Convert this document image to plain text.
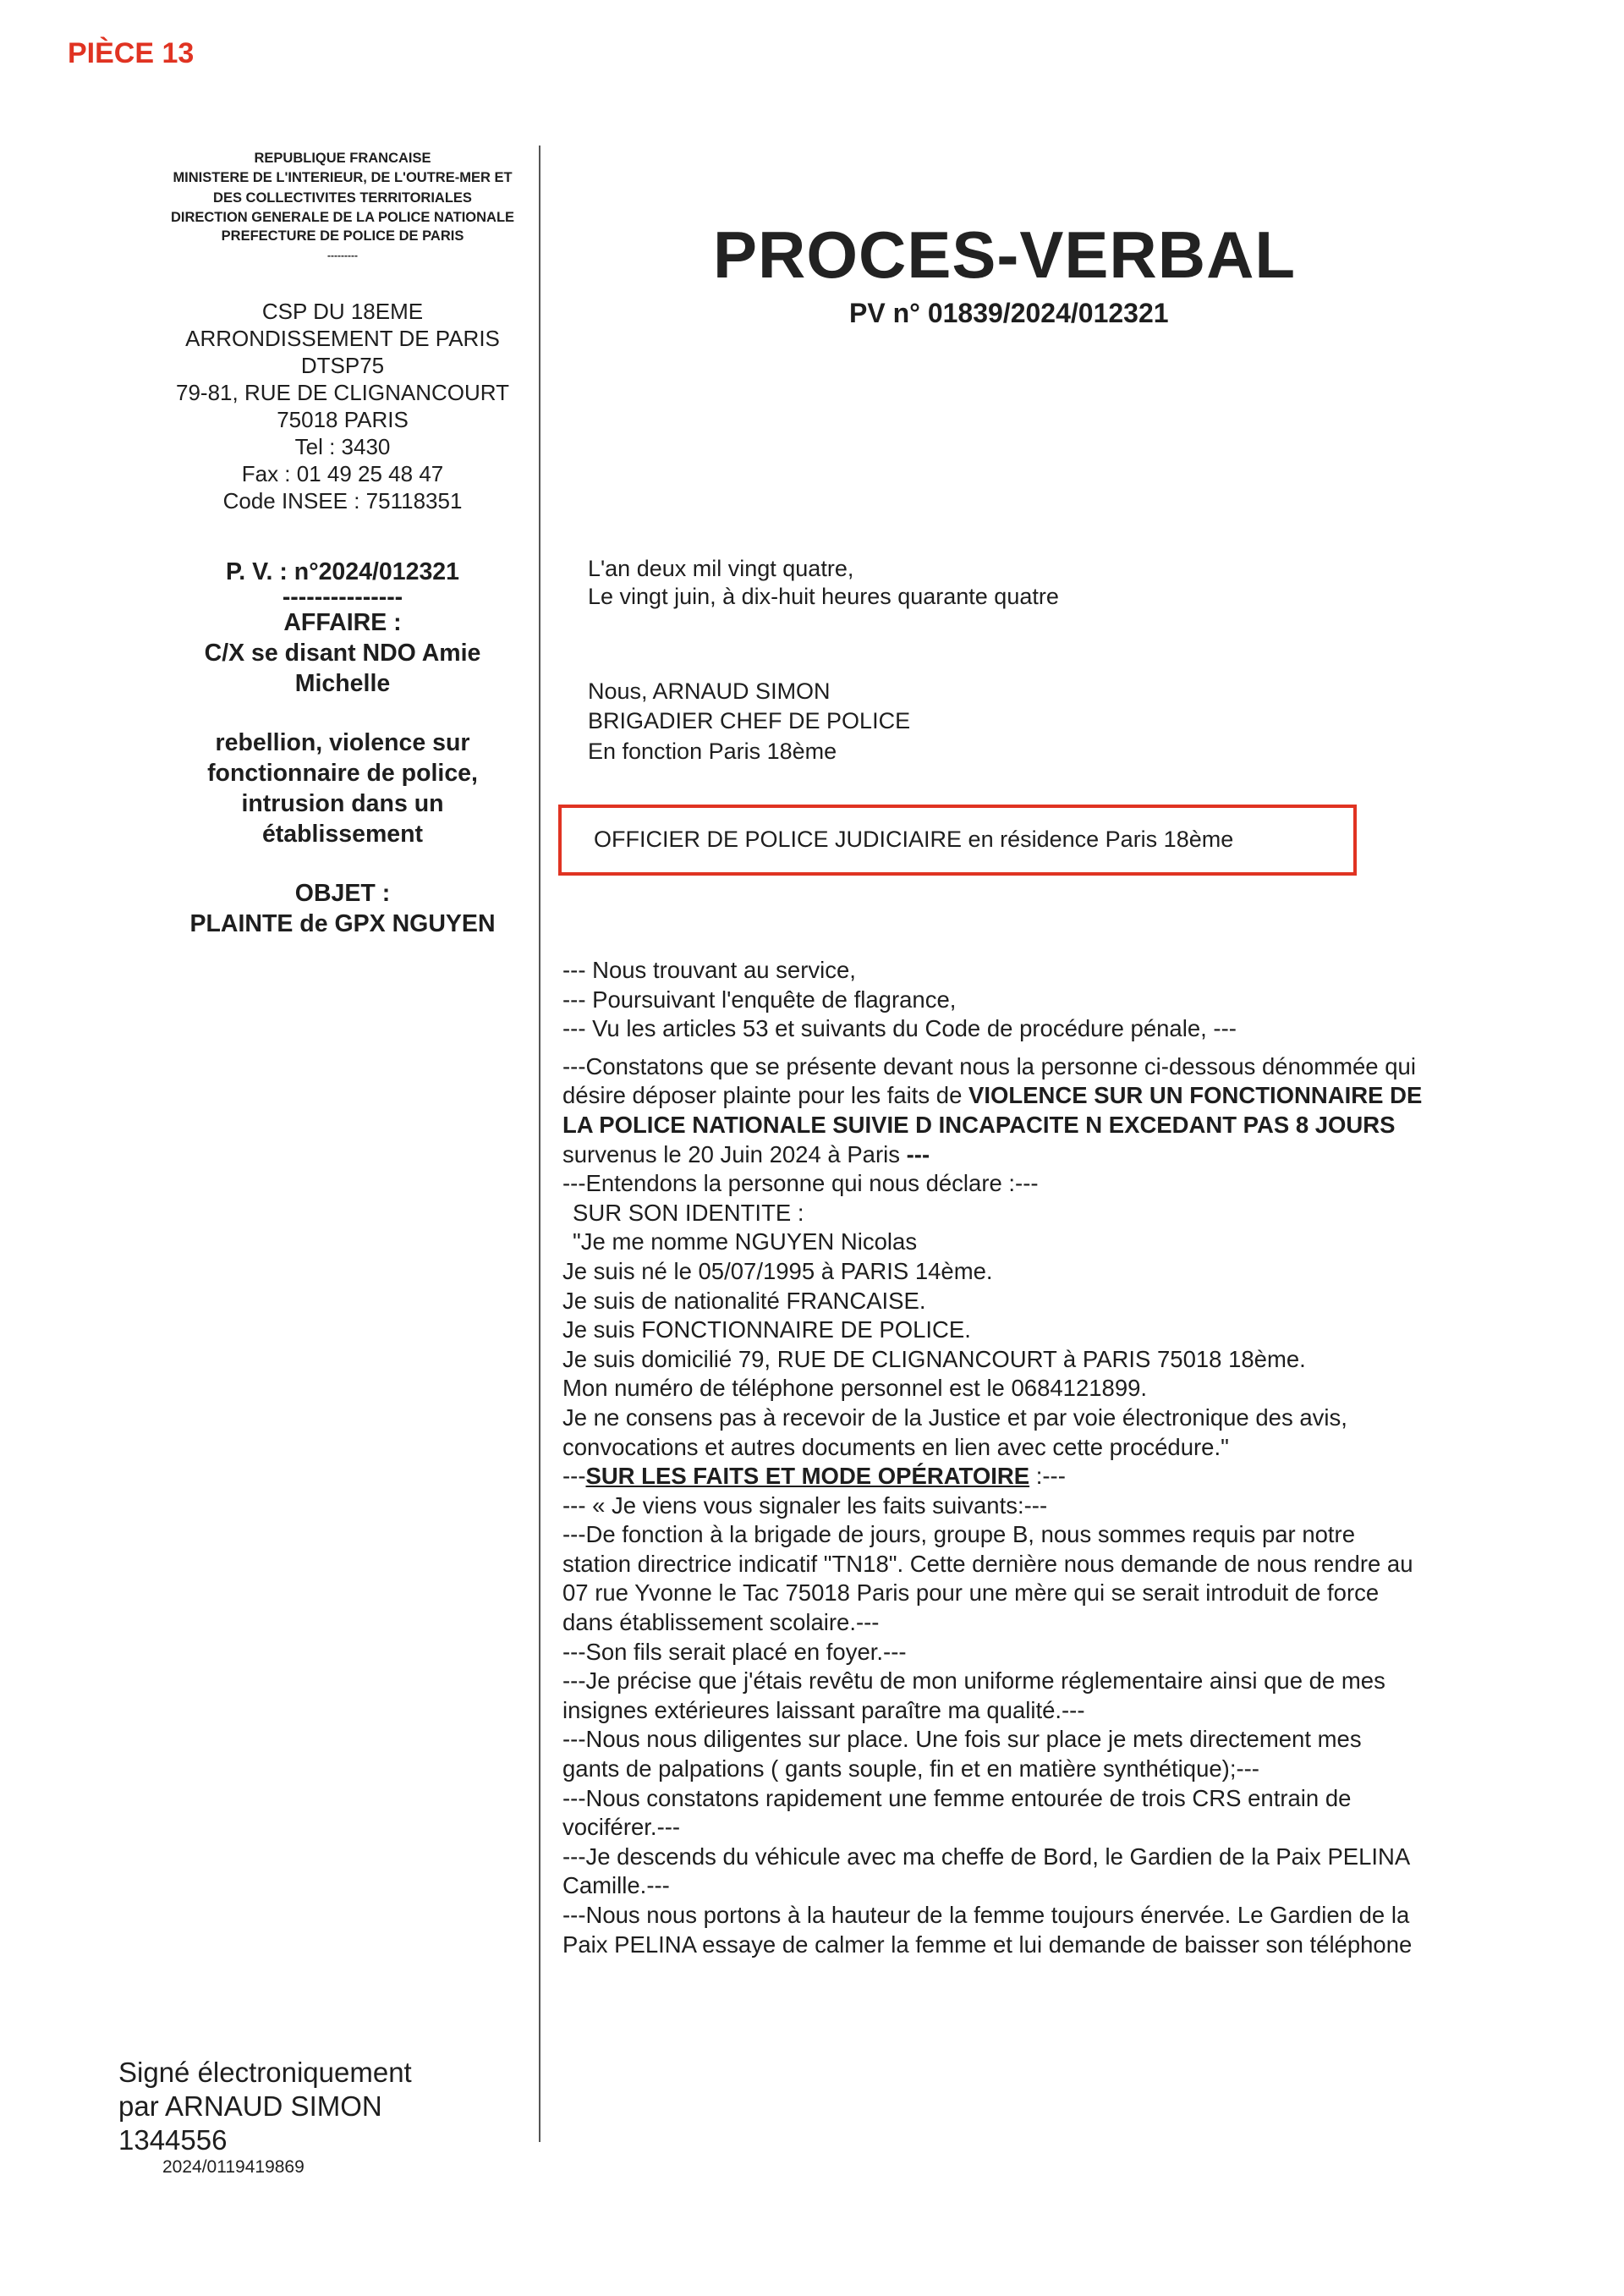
PIÈCE 13
REPUBLIQUE FRANCAISE
MINISTERE DE L'INTERIEUR, DE L'OUTRE-MER ET
DES COLLECTIVITES TERRITORIALES
DIRECTION GENERALE DE LA POLICE NATIONALE
PREFECTURE DE POLICE DE PARIS
---------
CSP DU 18EME
ARRONDISSEMENT DE PARIS
DTSP75
79-81, RUE DE CLIGNANCOURT
75018 PARIS
Tel : 3430
Fax : 01 49 25 48 47
Code INSEE : 75118351
P. V. : n°2024/012321
---------------
AFFAIRE :
C/X se disant NDO Amie
Michelle
rebellion, violence sur
fonctionnaire de police,
intrusion dans un
établissement
OBJET :
PLAINTE de GPX NGUYEN
PROCES-VERBAL
PV n° 01839/2024/012321
L'an deux mil vingt quatre,
Le vingt juin, à dix-huit heures quarante quatre
Nous, ARNAUD SIMON
BRIGADIER CHEF DE POLICE
En fonction Paris 18ème
OFFICIER DE POLICE JUDICIAIRE en résidence Paris 18ème
--- Nous trouvant au service,
--- Poursuivant l'enquête de flagrance,
--- Vu les articles 53 et suivants du Code de procédure pénale, ---
---Constatons que se présente devant nous la personne ci-dessous dénommée qui
désire déposer plainte pour les faits de VIOLENCE SUR UN FONCTIONNAIRE DE
LA POLICE NATIONALE SUIVIE D INCAPACITE N EXCEDANT PAS 8 JOURS
survenus le 20 Juin 2024 à Paris ---
---Entendons la personne qui nous déclare :---
SUR SON IDENTITE :
"Je me nomme NGUYEN Nicolas
Je suis né le 05/07/1995 à PARIS 14ème.
Je suis de nationalité FRANCAISE.
Je suis FONCTIONNAIRE DE POLICE.
Je suis domicilié 79, RUE DE CLIGNANCOURT à PARIS 75018 18ème.
Mon numéro de téléphone personnel est le 0684121899.
Je ne consens pas à recevoir de la Justice et par voie électronique des avis,
convocations et autres documents en lien avec cette procédure."
---SUR LES FAITS ET MODE OPÉRATOIRE :---
--- « Je viens vous signaler les faits suivants:---
---De fonction à la brigade de jours, groupe B, nous sommes requis par notre
station directrice indicatif "TN18". Cette dernière nous demande de nous rendre au
07 rue Yvonne le Tac 75018 Paris pour une mère qui se serait introduit de force
dans établissement scolaire.---
---Son fils serait placé en foyer.---
---Je précise que j'étais revêtu de mon uniforme réglementaire ainsi que de mes
insignes extérieures laissant paraître ma qualité.---
---Nous nous diligentes sur place. Une fois sur place je mets directement mes
gants de palpations ( gants souple, fin et en matière synthétique);---
---Nous constatons rapidement une femme entourée de trois CRS entrain de
vociférer.---
---Je descends du véhicule avec ma cheffe de Bord, le Gardien de la Paix PELINA
Camille.---
---Nous nous portons à la hauteur de la femme toujours énervée. Le Gardien de la
Paix PELINA essaye de calmer la femme et lui demande de baisser son téléphone
Signé électroniquement
par ARNAUD SIMON
1344556
2024/0119419869
